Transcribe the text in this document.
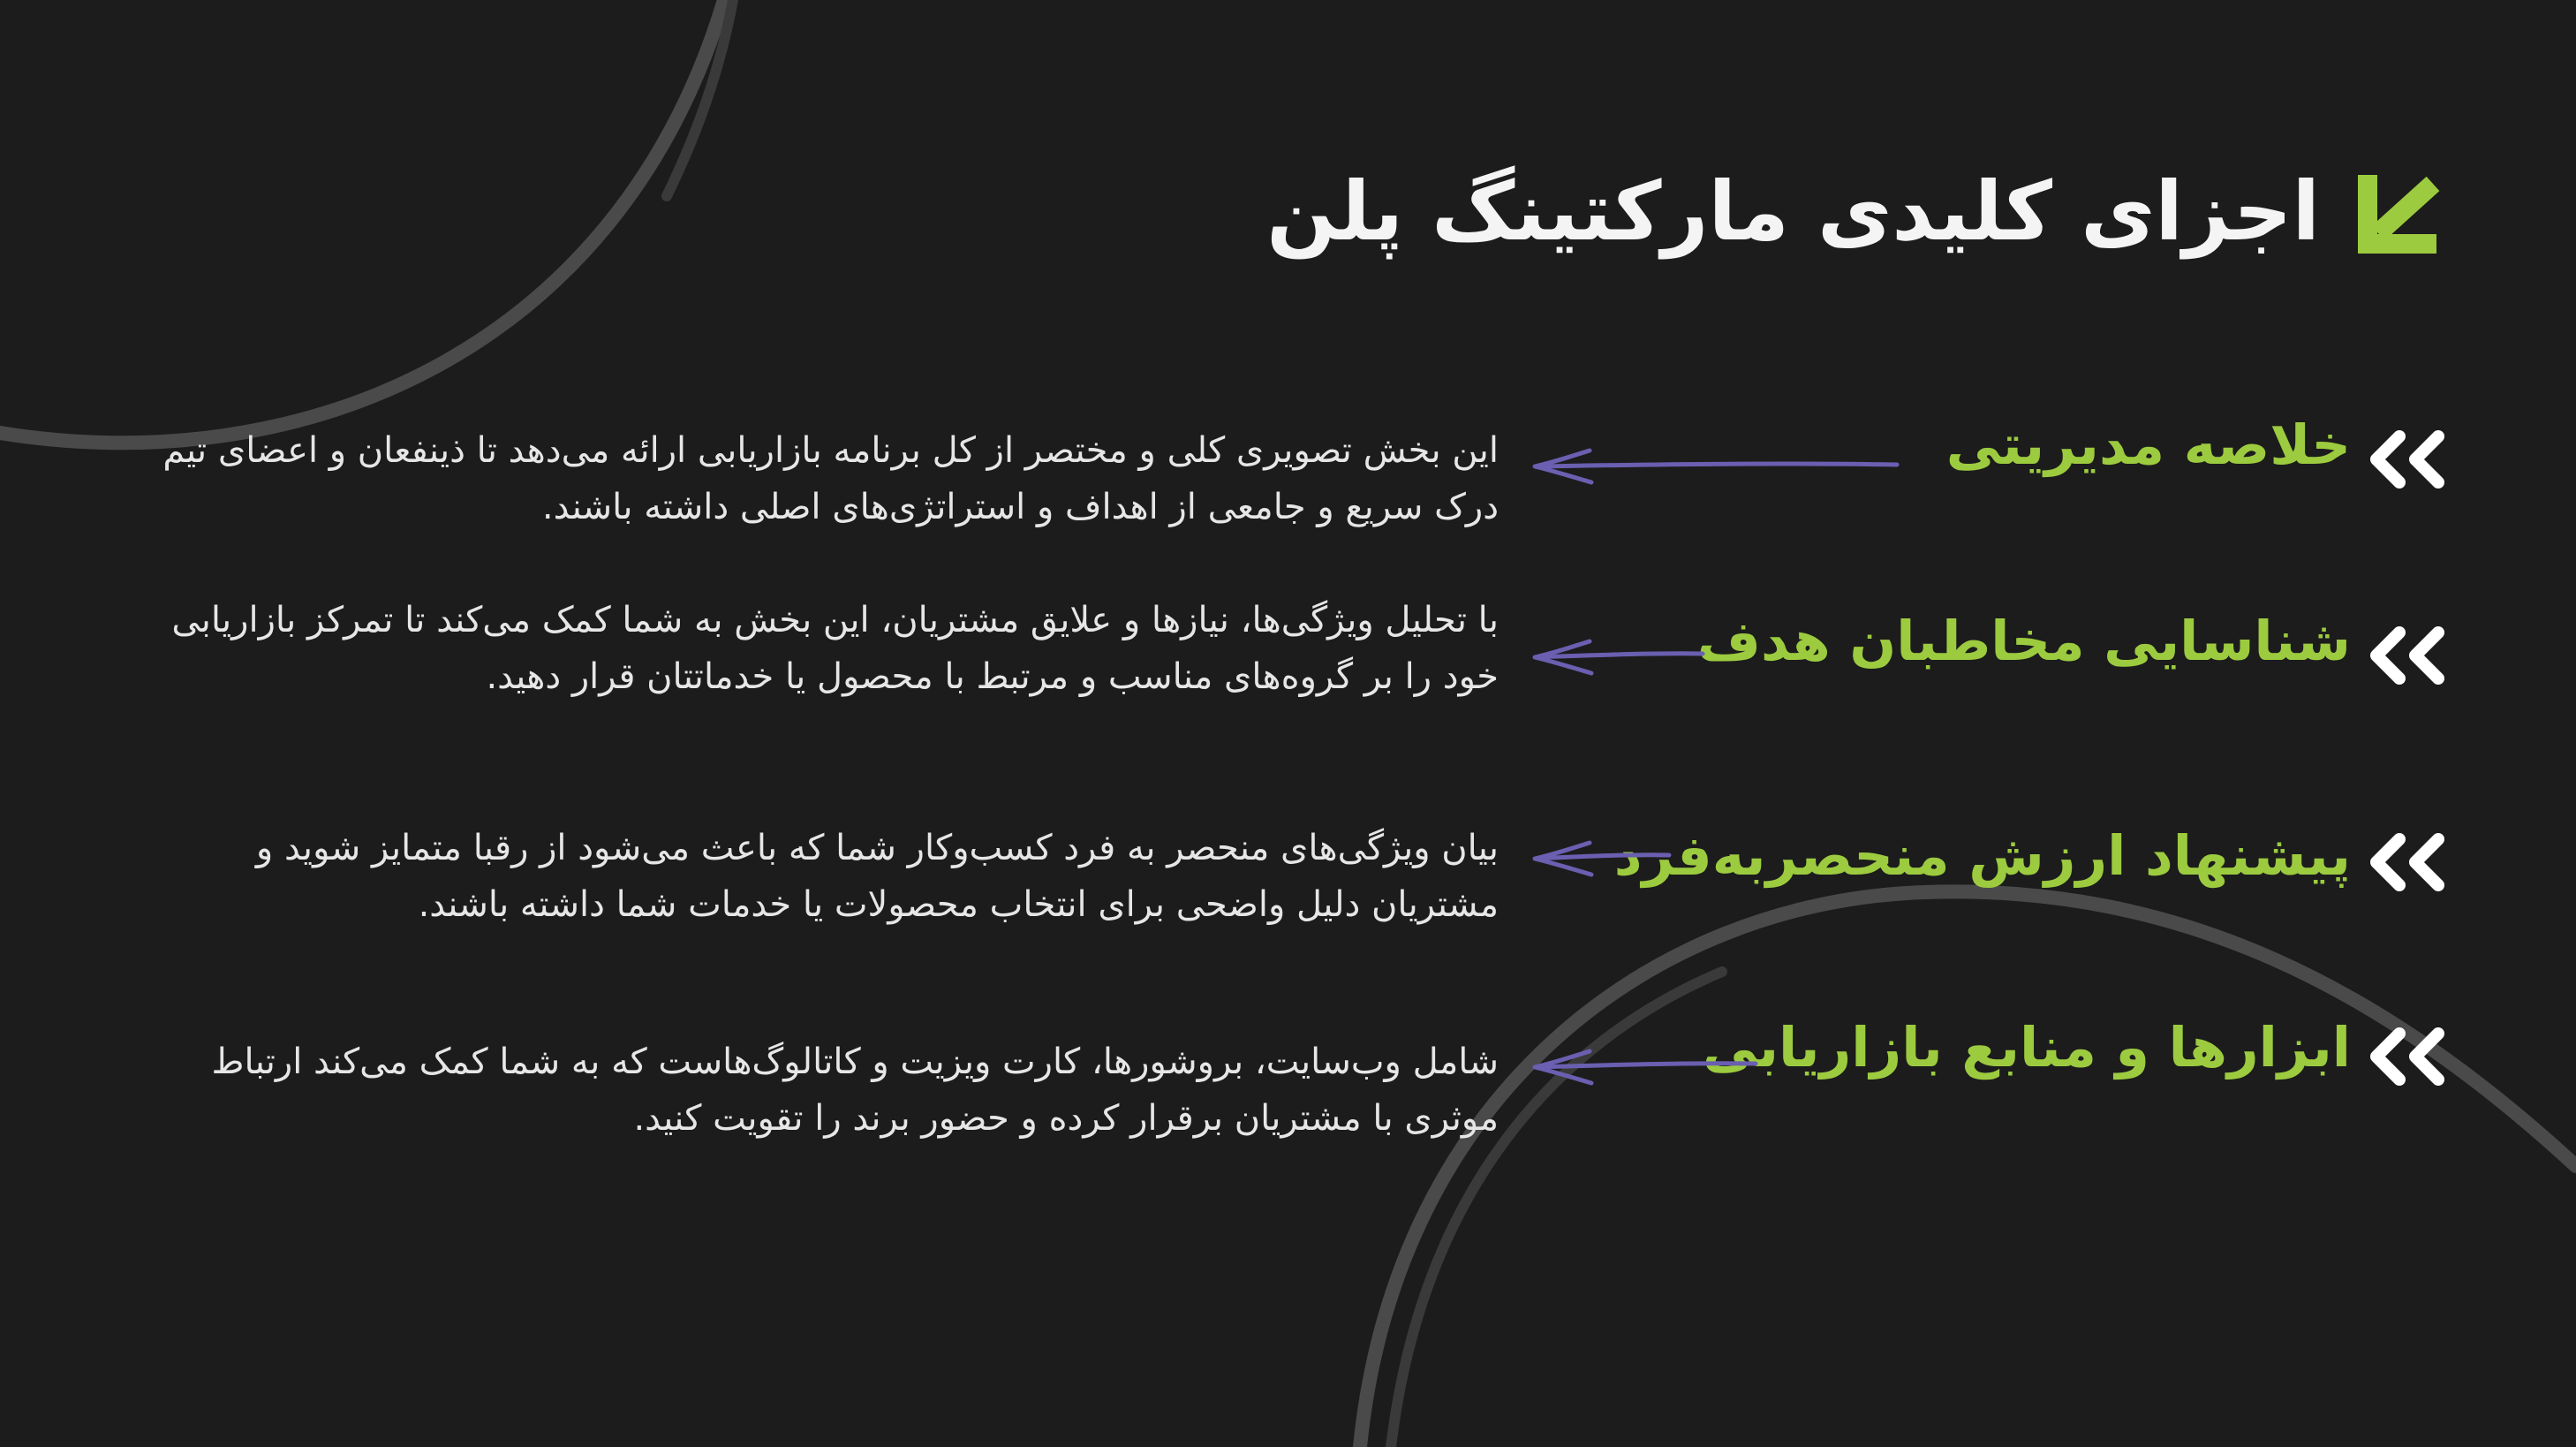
اجزای کلیدی مارکتینگ پلن
خلاصه مدیریتی

این بخش تصویری کلی و مختصر از کل برنامه بازاریابی ارائه می‌دهد تا ذینفعان و اعضای تیم درک سریع و جامعی از اهداف و استراتژی‌های اصلی داشته باشند.

شناسایی مخاطبان هدف

با تحلیل ویژگی‌ها، نیازها و علایق مشتریان، این بخش به شما کمک می‌کند تا تمرکز بازاریابی خود را بر گروه‌های مناسب و مرتبط با محصول یا خدماتتان قرار دهید.

پیشنهاد ارزش منحصربه‌فرد

بیان ویژگی‌های منحصر به فرد کسب‌وکار شما که باعث می‌شود از رقبا متمایز شوید و مشتریان دلیل واضحی برای انتخاب محصولات یا خدمات شما داشته باشند.

ابزارها و منابع بازاریابی

شامل وب‌سایت، بروشورها، کارت ویزیت و کاتالوگ‌هاست که به شما کمک می‌کند ارتباط موثری با مشتریان برقرار کرده و حضور برند را تقویت کنید.
